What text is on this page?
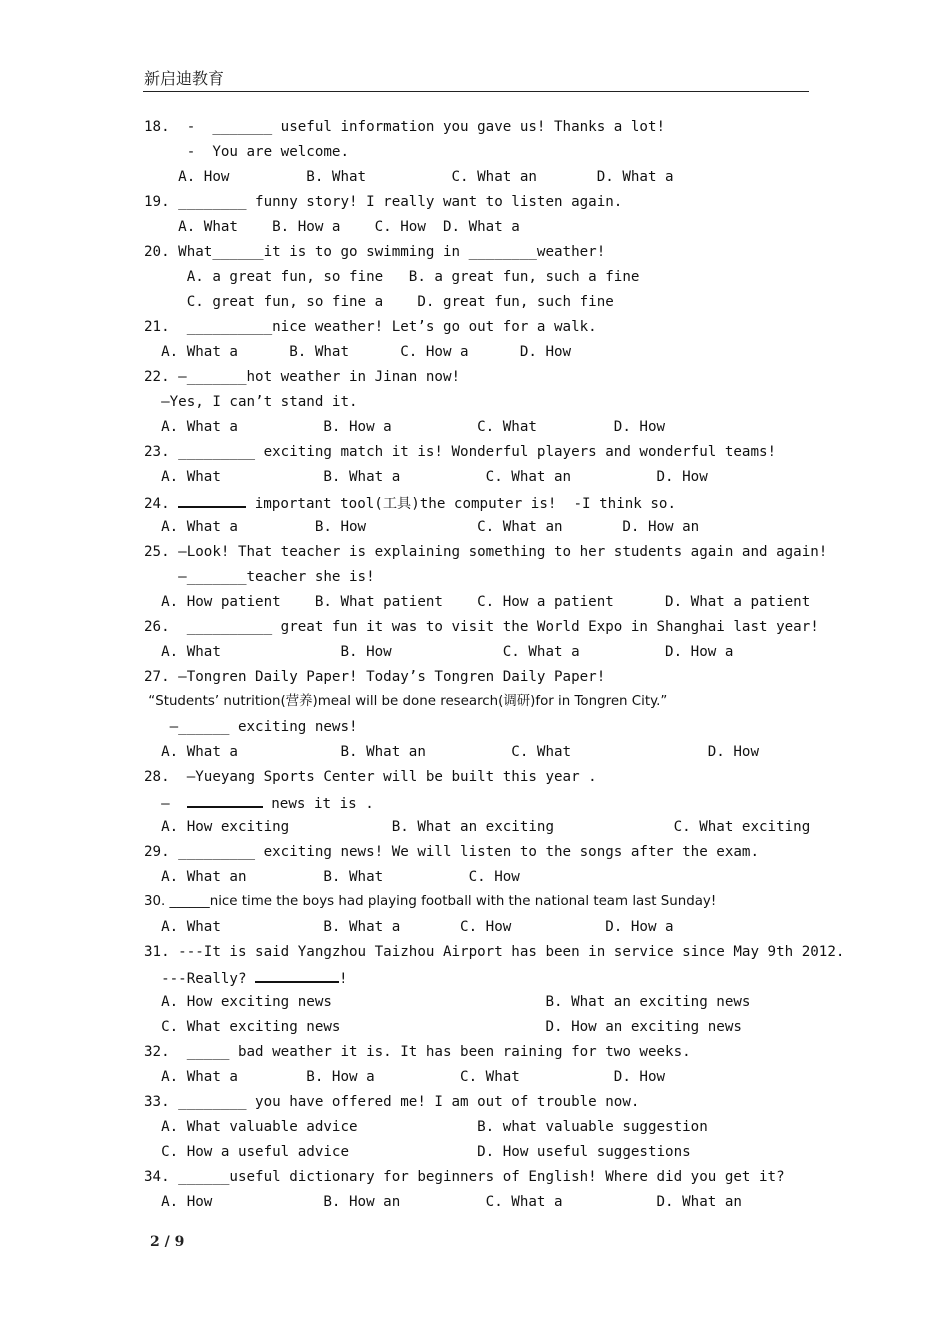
新启迪教育
18.  -  _______ useful information you gave us! Thanks a lot!
-  You are welcome.
A. How         B. What          C. What an       D. What a
19. ________ funny story! I really want to listen again.
A. What    B. How a    C. How  D. What a
20. What______it is to go swimming in ________weather!
A. a great fun, so fine   B. a great fun, such a fine
C. great fun, so fine a    D. great fun, such fine
21.  __________nice weather! Let’s go out for a walk.
A. What a      B. What      C. How a      D. How
22. —_______hot weather in Jinan now!
—Yes, I can’t stand it.
A. What a          B. How a          C. What         D. How
23. _________ exciting match it is! Wonderful players and wonderful teams!
A. What            B. What a          C. What an          D. How
24.	important tool(工具)the computer is!  -I think so.
A. What a         B. How             C. What an       D. How an
25. —Look! That teacher is explaining something to her students again and again!
—_______teacher she is!
A. How patient    B. What patient    C. How a patient      D. What a patient
26.  __________ great fun it was to visit the World Expo in Shanghai last year!
A. What              B. How             C. What a          D. How a
27. —Tongren Daily Paper! Today’s Tongren Daily Paper!
“Students’ nutrition(营养)meal will be done research(调研)for in Tongren City.”
—______ exciting news!
A. What a            B. What an          C. What                D. How
28.  —Yueyang Sports Center will be built this year .
—	news it is .
A. How exciting            B. What an exciting              C. What exciting
29. _________ exciting news! We will listen to the songs after the exam.
A. What an         B. What          C. How
30. ______nice time the boys had playing football with the national team last Sunday!
A. What            B. What a       C. How           D. How a
31. ---It is said Yangzhou Taizhou Airport has been in service since May 9th 2012.
---Really?	!
A. How exciting news                         B. What an exciting news
C. What exciting news                        D. How an exciting news
32.  _____ bad weather it is. It has been raining for two weeks.
A. What a        B. How a          C. What           D. How
33. ________ you have offered me! I am out of trouble now.
A. What valuable advice              B. what valuable suggestion
C. How a useful advice               D. How useful suggestions
34. ______useful dictionary for beginners of English! Where did you get it?
A. How             B. How an          C. What a           D. What an
2 / 9
